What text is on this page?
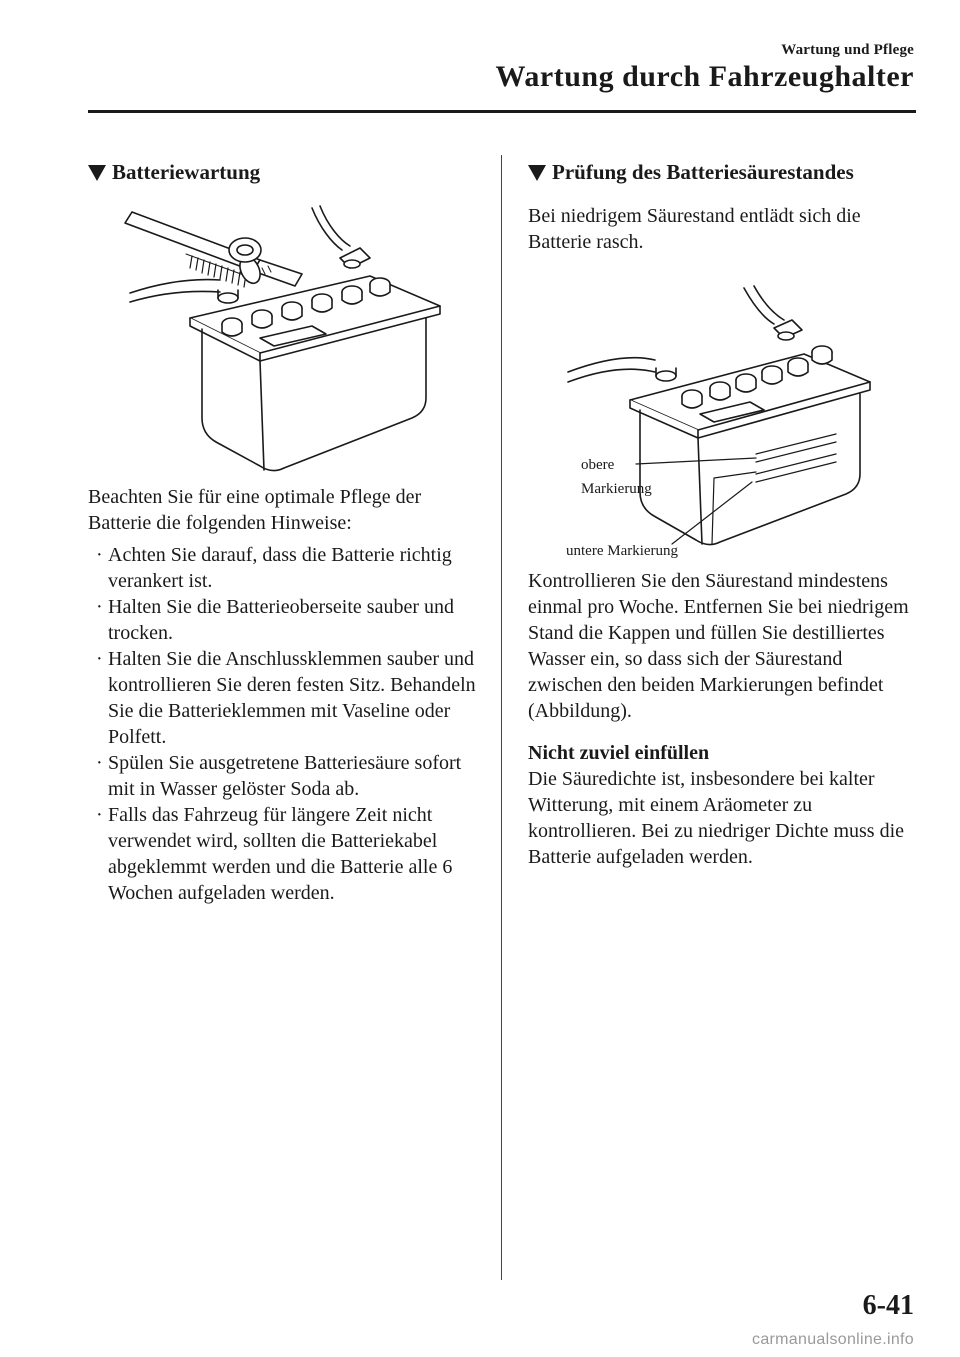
Wartung und Pflege
Wartung durch Fahrzeughalter
Batteriewartung

Beachten Sie für eine optimale Pflege der Batterie die folgenden Hinweise:

· Achten Sie darauf, dass die Batterie richtig verankert ist.
· Halten Sie die Batterieoberseite sauber und trocken.
· Halten Sie die Anschlussklemmen sauber und kontrollieren Sie deren festen Sitz. Behandeln Sie die Batterieklemmen mit Vaseline oder Polfett.
· Spülen Sie ausgetretene Batteriesäure sofort mit in Wasser gelöster Soda ab.
· Falls das Fahrzeug für längere Zeit nicht verwendet wird, sollten die Batteriekabel abgeklemmt werden und die Batterie alle 6 Wochen aufgeladen werden.
Prüfung des Batteriesäurestandes

Bei niedrigem Säurestand entlädt sich die Batterie rasch.

obere
Markierung
untere Markierung

Kontrollieren Sie den Säurestand mindestens einmal pro Woche. Entfernen Sie bei niedrigem Stand die Kappen und füllen Sie destilliertes Wasser ein, so dass sich der Säurestand zwischen den beiden Markierungen befindet (Abbildung).

Nicht zuviel einfüllen

Die Säuredichte ist, insbesondere bei kalter Witterung, mit einem Aräometer zu kontrollieren. Bei zu niedriger Dichte muss die Batterie aufgeladen werden.

6-41
carmanualsonline.info
